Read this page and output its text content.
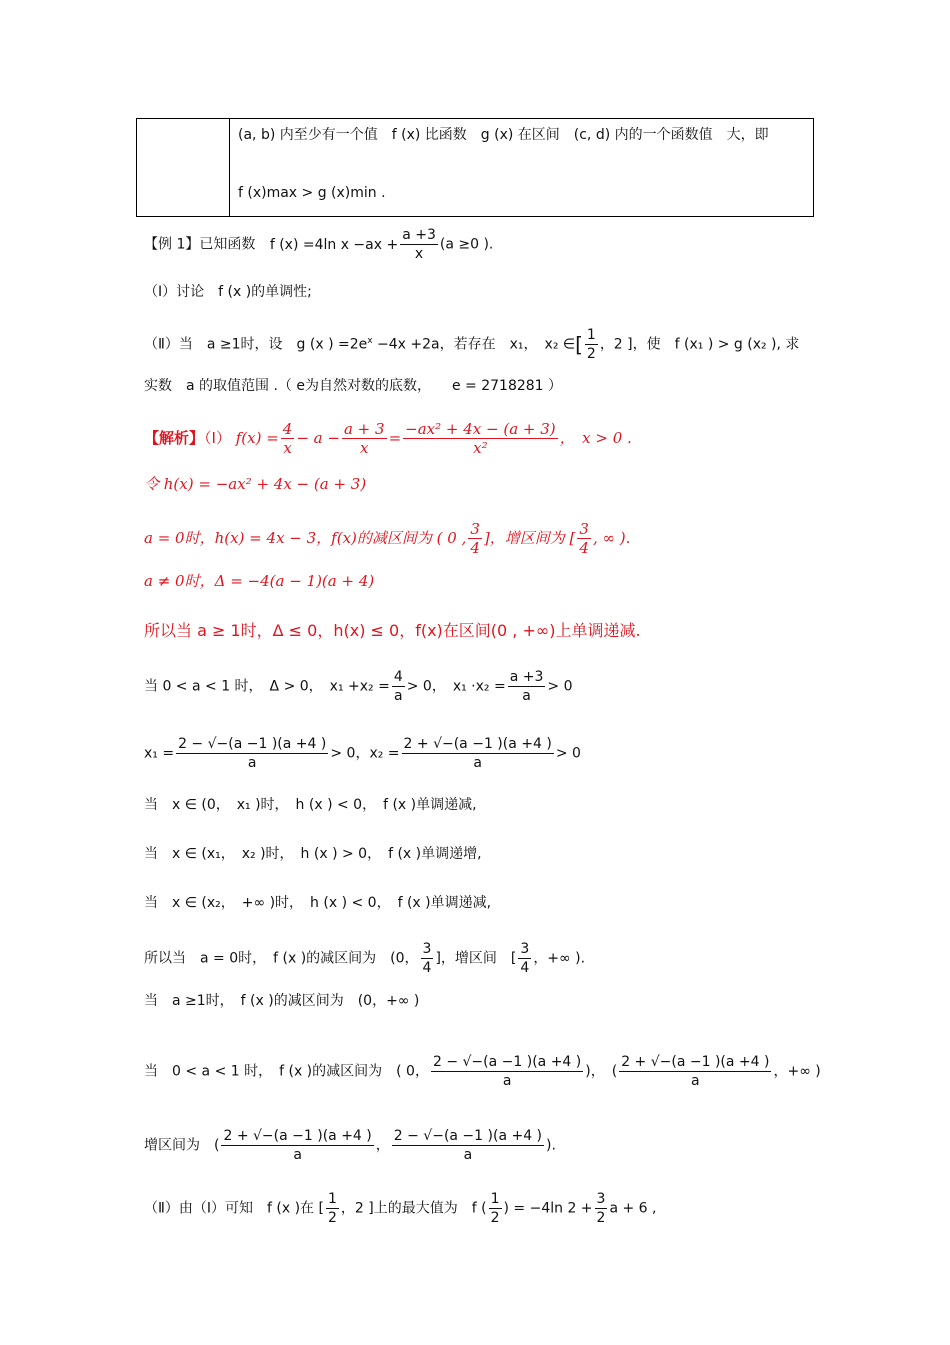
(a, b) 内至少有一个值　f (x) 比函数　g (x) 在区间　(c, d) 内的一个函数值　大，即
f (x)max > g (x)min .
【例 1】已知函数 f (x) =4ln $x -ax + \frac{a +3}{x} (a \ge 0$ ).
（Ⅰ）讨论　f (x )的单调性;
（Ⅱ）当　a ≥1时，设　g (x ) $=2e^x -4x +2a$，若存在　x₁，　x₂ ∈[ $\frac{1}{2}$ ，2 ]，使　f (x₁ ) > g (x₂ ), 求
实数　a 的取值范围 .（ e为自然对数的底数，　　e = 2718281 ）
【解析】（Ⅰ） $f(x) = \frac{4}{x} - a - \frac{a + 3}{x} = \frac{\text{−ax² + 4x − (a + 3)}}{\text{x²}}$ ，　x > 0 .
令 h(x) = −ax² + 4x − (a + 3)
a = 0时，h(x) = 4x − 3，f(x)的减区间为 ( 0 , $\frac{3}{4}$ ]，增区间为 [ $\frac{3}{4}$ , ∞ ).
a ≠ 0时，Δ = −4(a − 1)(a + 4)
所以当 a ≥ 1时，Δ ≤ 0，h(x) ≤ 0，f(x)在区间(0 , +∞)上单调递减.
当 0 < a < 1 时，　Δ > 0，　$x_1 +x_2 = \frac{4}{a} > 0$，　$x_1 \cdot x_2 = \frac{a +3}{a} > 0$
$x_1 = \frac{2 - √-(a -1 )(a +4 )}{a} > 0$，$x_2 = \frac{2 + √-(a -1 )(a +4 )}{a} > 0$
当　x ∈ (0，　x₁ )时，　h (x ) < 0，　f (x )单调递减,
当　x ∈ (x₁，　x₂ )时，　h (x ) > 0，　f (x )单调递增,
当　x ∈ (x₂，　+∞ )时，　h (x ) < 0，　f (x )单调递减,
所以当　a = 0时，　f (x )的减区间为　(0， $\frac{3}{4}$ ]，增区间　[ $\frac{3}{4}$ ，+∞ ).
当　a ≥1时，　f (x )的减区间为　(0，+∞ )
当　0 < a < 1 时，　f (x )的减区间为　( 0， $\frac{2 - √-(a -1 )(a +4 )}{a}$ )，　( $\frac{2 + √-(a -1 )(a +4 )}{a}$ ，+∞ )
增区间为　( $\frac{2 + √-(a -1 )(a +4 )}{a}$ ， $\frac{2 - √-(a -1 )(a +4 )}{a}$ ).
（Ⅱ）由（Ⅰ）可知　f (x )在 [ $\frac{1}{2}$ ，2 ]上的最大值为　f ( $\frac{1}{2}$ ) = −4ln $2 + \frac{3}{2}$ a + 6 ,
